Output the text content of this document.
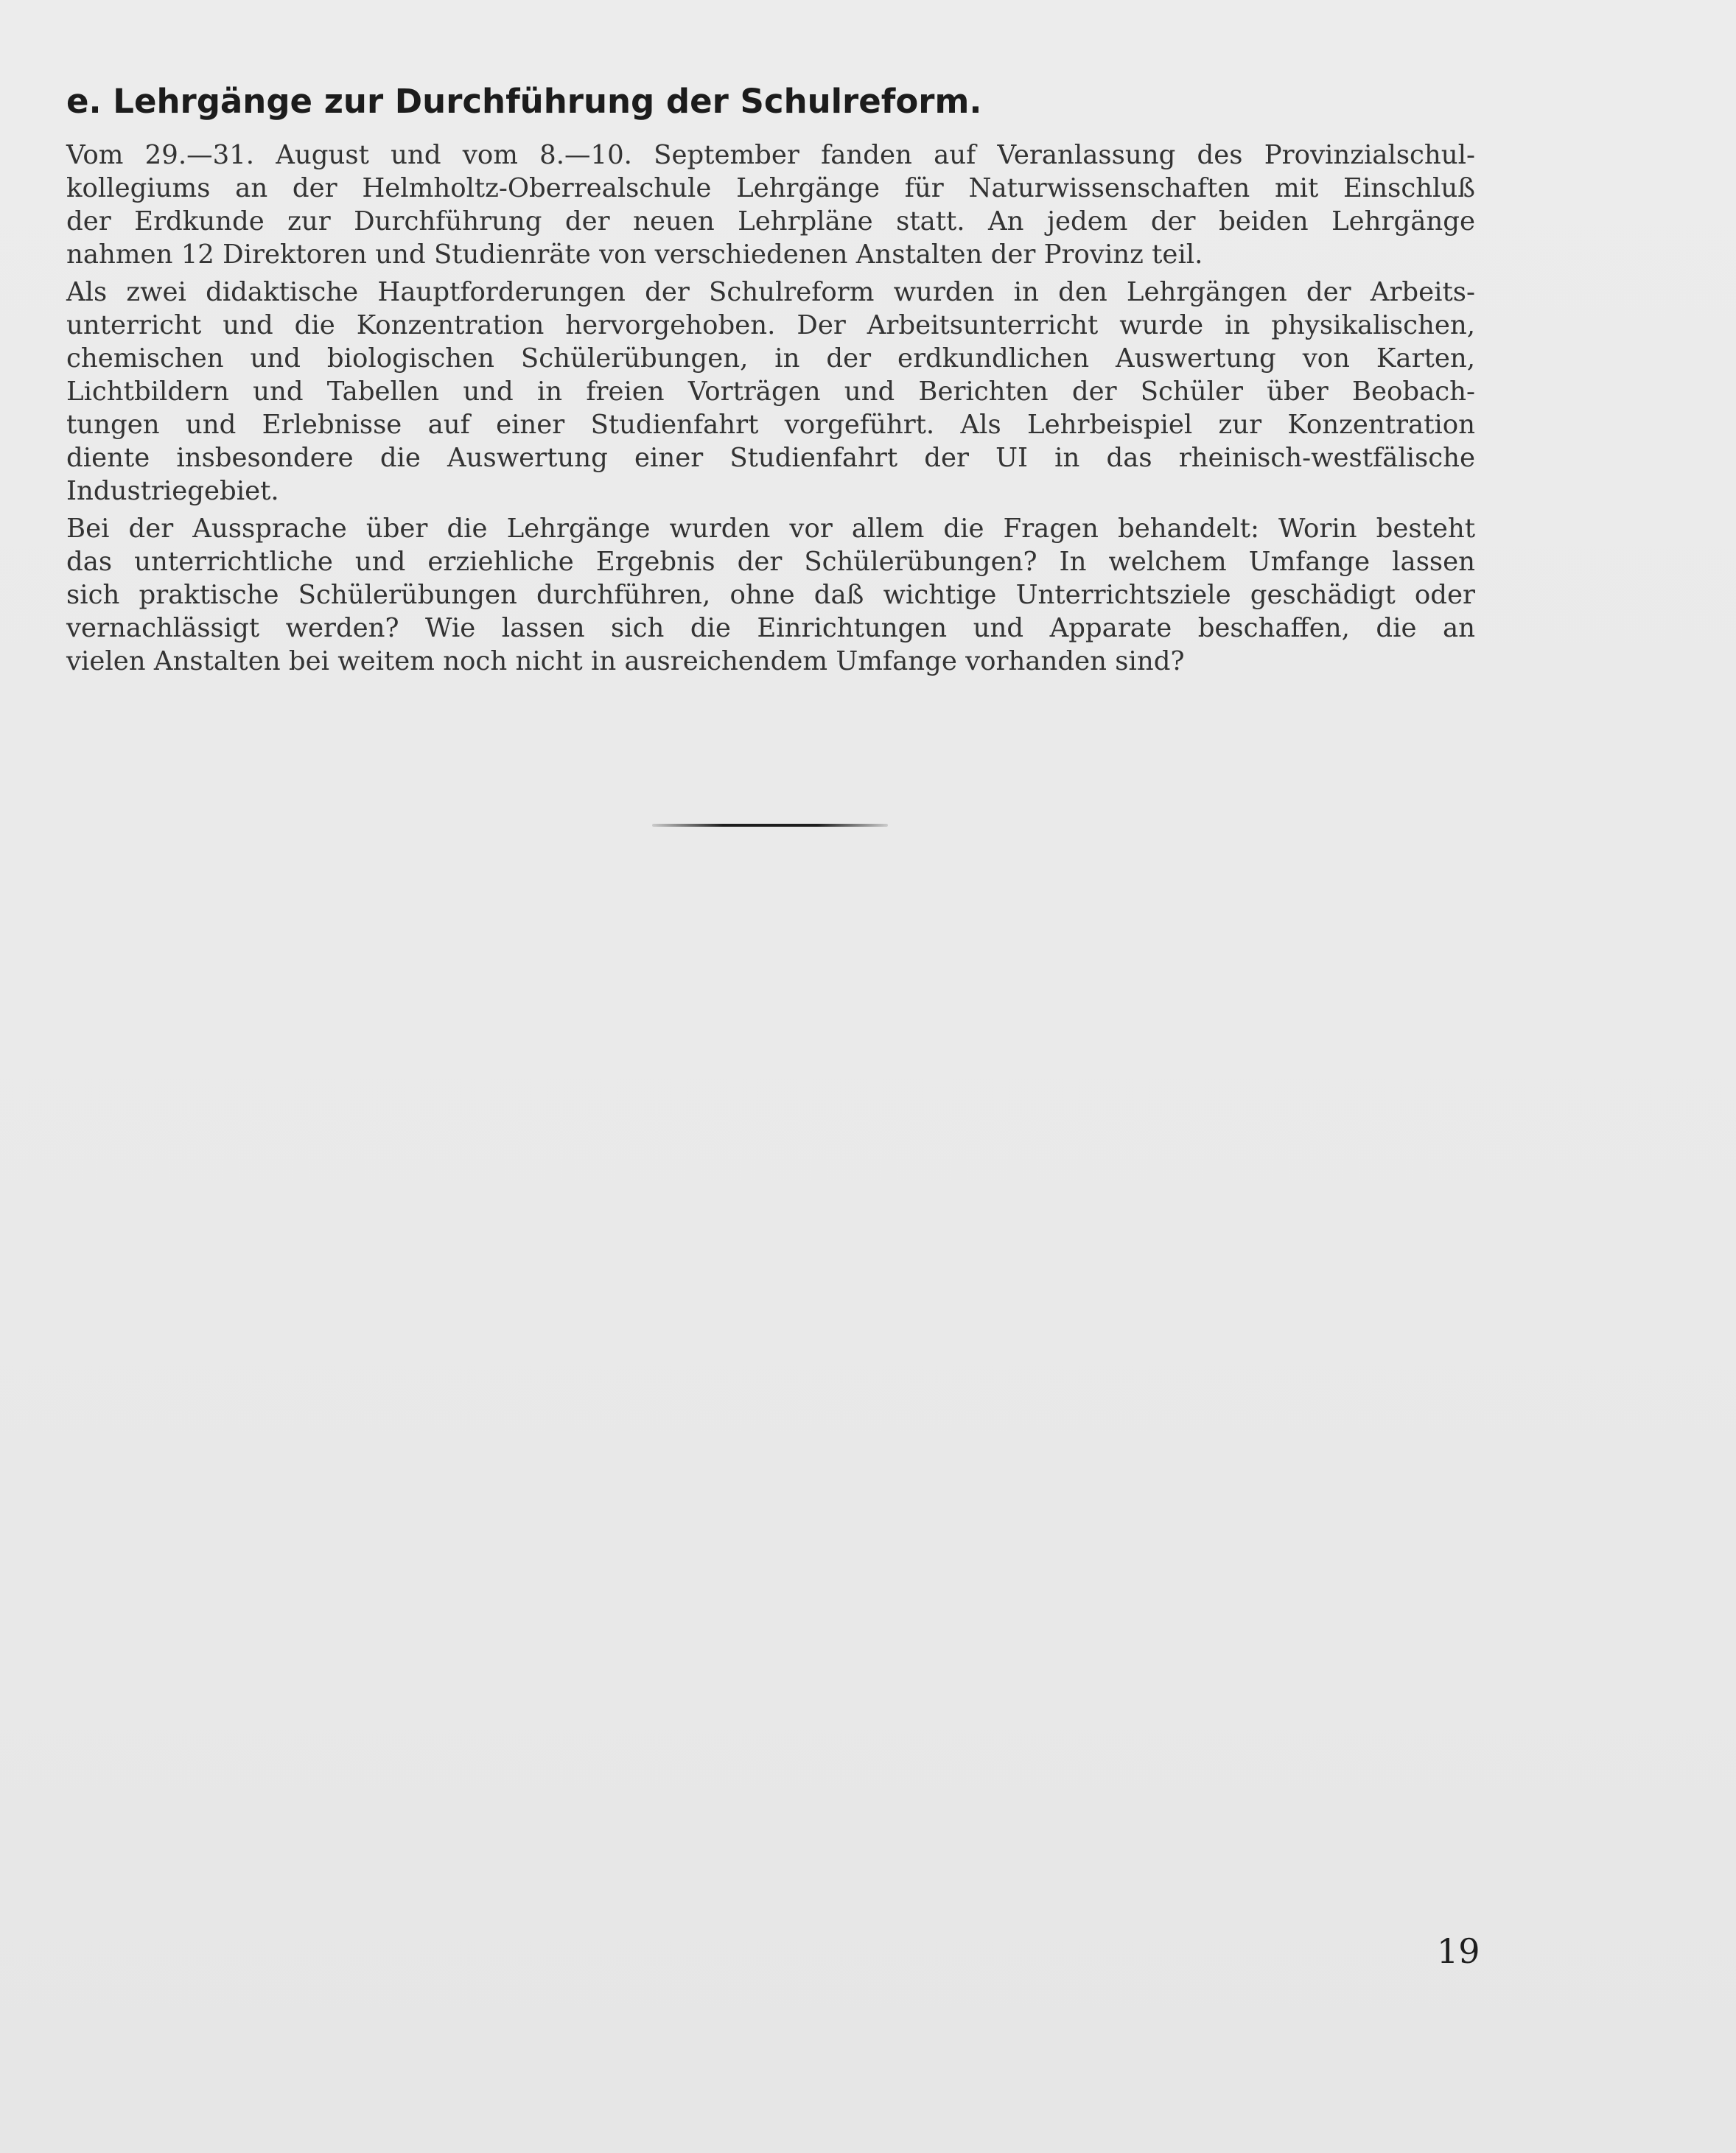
e. Lehrgänge zur Durchführung der Schulreform.

Vom 29.—31. August und vom 8.—10. September fanden auf Veranlassung des Provinzialschul-
kollegiums an der Helmholtz-Oberrealschule Lehrgänge für Naturwissenschaften mit Einschluß
der Erdkunde zur Durchführung der neuen Lehrpläne statt. An jedem der beiden Lehrgänge
nahmen 12 Direktoren und Studienräte von verschiedenen Anstalten der Provinz teil.

Als zwei didaktische Hauptforderungen der Schulreform wurden in den Lehrgängen der Arbeits-
unterricht und die Konzentration hervorgehoben. Der Arbeitsunterricht wurde in physikalischen,
chemischen und biologischen Schülerübungen, in der erdkundlichen Auswertung von Karten,
Lichtbildern und Tabellen und in freien Vorträgen und Berichten der Schüler über Beobach-
tungen und Erlebnisse auf einer Studienfahrt vorgeführt. Als Lehrbeispiel zur Konzentration
diente insbesondere die Auswertung einer Studienfahrt der UI in das rheinisch-westfälische
Industriegebiet.

Bei der Aussprache über die Lehrgänge wurden vor allem die Fragen behandelt: Worin besteht
das unterrichtliche und erziehliche Ergebnis der Schülerübungen? In welchem Umfange lassen
sich praktische Schülerübungen durchführen, ohne daß wichtige Unterrichtsziele geschädigt oder
vernachlässigt werden? Wie lassen sich die Einrichtungen und Apparate beschaffen, die an
vielen Anstalten bei weitem noch nicht in ausreichendem Umfange vorhanden sind?

19
